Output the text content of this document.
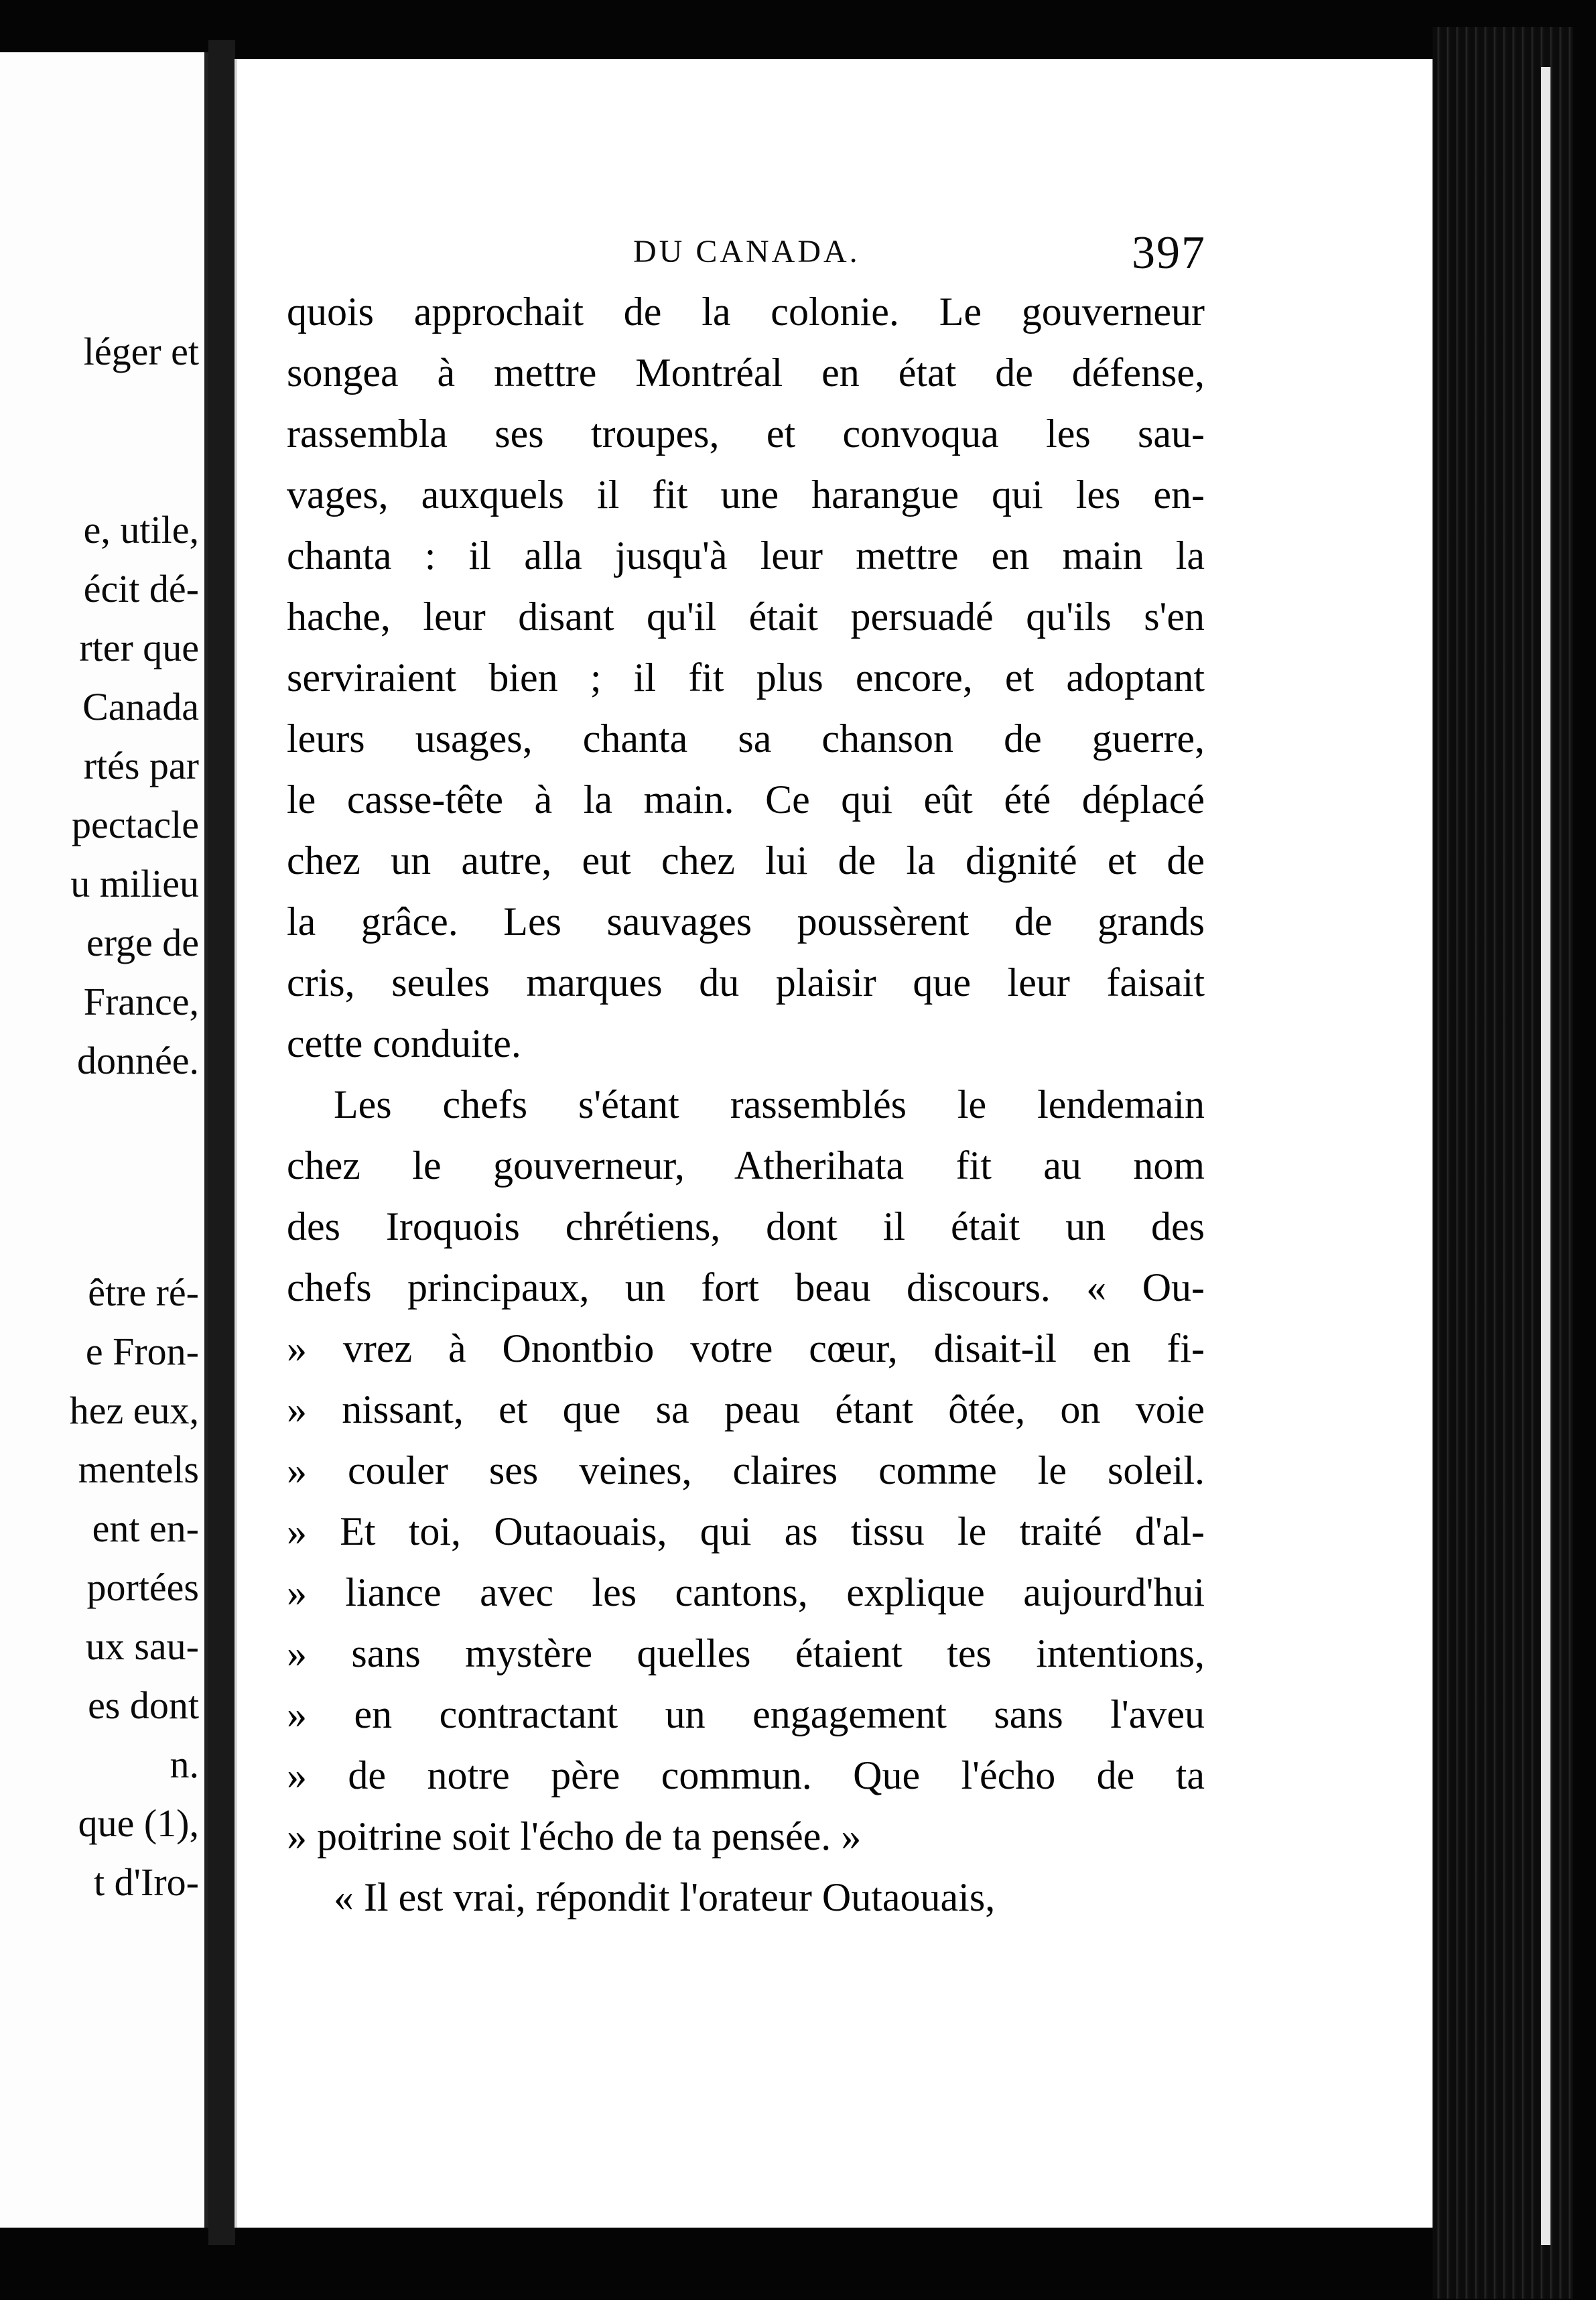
léger et
e, utile,
écit dé-
rter que
Canada
rtés par
pectacle
u milieu
erge de
France,
donnée.
être ré-
e Fron-
hez eux,
mentels
ent en-
portées
ux sau-
es dont
n.
que (1),
t d'Iro-
DU CANADA.	397
quois approchait de la colonie. Le gouverneur
songea à mettre Montréal en état de défense,
rassembla ses troupes, et convoqua les sau-
vages, auxquels il fit une harangue qui les en-
chanta : il alla jusqu'à leur mettre en main la
hache, leur disant qu'il était persuadé qu'ils s'en
serviraient bien ; il fit plus encore, et adoptant
leurs usages, chanta sa chanson de guerre,
le casse-tête à la main. Ce qui eût été déplacé
chez un autre, eut chez lui de la dignité et de
la grâce. Les sauvages poussèrent de grands
cris, seules marques du plaisir que leur faisait
cette conduite.
Les chefs s'étant rassemblés le lendemain
chez le gouverneur, Atherihata fit au nom
des Iroquois chrétiens, dont il était un des
chefs principaux, un fort beau discours. « Ou-
» vrez à Onontbio votre cœur, disait-il en fi-
» nissant, et que sa peau étant ôtée, on voie
» couler ses veines, claires comme le soleil.
» Et toi, Outaouais, qui as tissu le traité d'al-
» liance avec les cantons, explique aujourd'hui
» sans mystère quelles étaient tes intentions,
» en contractant un engagement sans l'aveu
» de notre père commun. Que l'écho de ta
» poitrine soit l'écho de ta pensée. »
« Il est vrai, répondit l'orateur Outaouais,
